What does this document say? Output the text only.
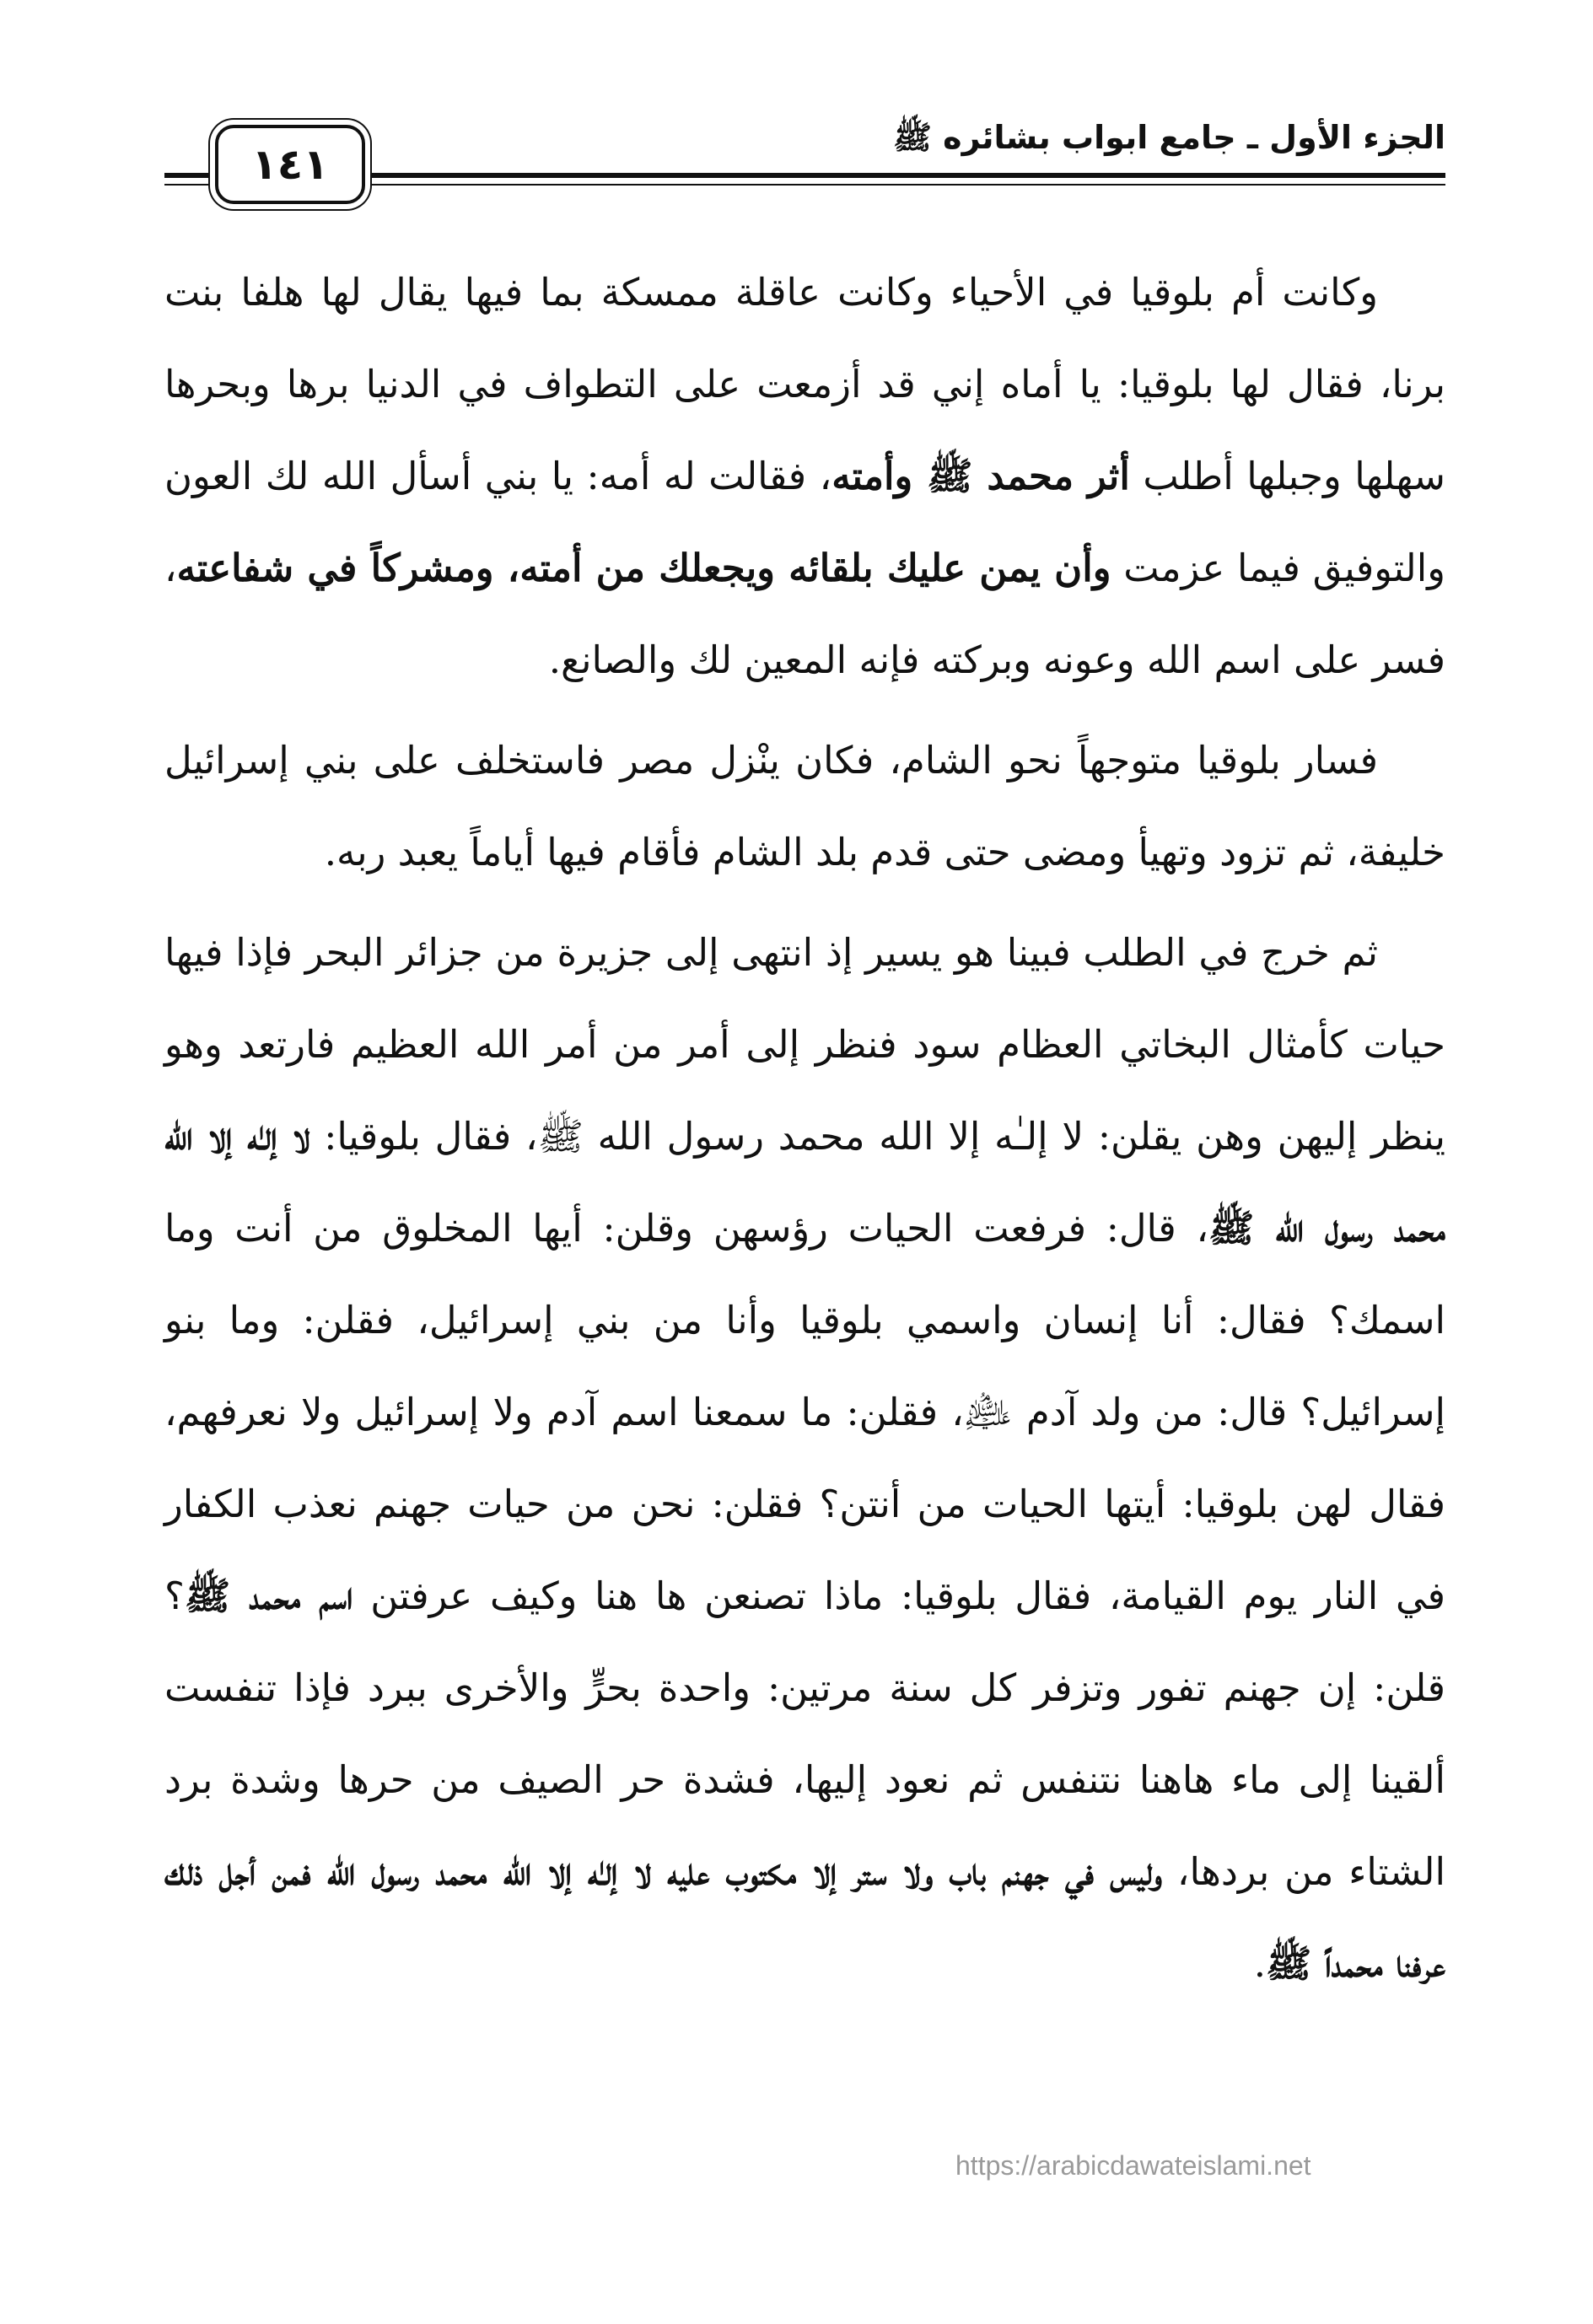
الجزء الأول ـ جامع ابواب بشائره ﷺ
١٤١

وكانت أم بلوقيا في الأحياء وكانت عاقلة ممسكة بما فيها يقال لها هلفا بنت برنا، فقال لها بلوقيا: يا أماه إني قد أزمعت على التطواف في الدنيا برها وبحرها سهلها وجبلها أطلب أثر محمد ﷺ وأمته، فقالت له أمه: يا بني أسأل الله لك العون والتوفيق فيما عزمت وأن يمن عليك بلقائه ويجعلك من أمته، ومشركاً في شفاعته، فسر على اسم الله وعونه وبركته فإنه المعين لك والصانع.

فسار بلوقيا متوجهاً نحو الشام، فكان ينْزل مصر فاستخلف على بني إسرائيل خليفة، ثم تزود وتهيأ ومضى حتى قدم بلد الشام فأقام فيها أياماً يعبد ربه.

ثم خرج في الطلب فبينا هو يسير إذ انتهى إلى جزيرة من جزائر البحر فإذا فيها حيات كأمثال البخاتي العظام سود فنظر إلى أمر من أمر الله العظيم فارتعد وهو ينظر إليهن وهن يقلن: لا إلـٰه إلا الله محمد رسول الله ﷺ، فقال بلوقيا: لا إلـٰه إلا الله محمد رسول الله ﷺ، قال: فرفعت الحيات رؤسهن وقلن: أيها المخلوق من أنت وما اسمك؟ فقال: أنا إنسان واسمي بلوقيا وأنا من بني إسرائيل، فقلن: وما بنو إسرائيل؟ قال: من ولد آدم ﵇، فقلن: ما سمعنا اسم آدم ولا إسرائيل ولا نعرفهم، فقال لهن بلوقيا: أيتها الحيات من أنتن؟ فقلن: نحن من حيات جهنم نعذب الكفار في النار يوم القيامة، فقال بلوقيا: ماذا تصنعن ها هنا وكيف عرفتن اسم محمد ﷺ؟ قلن: إن جهنم تفور وتزفر كل سنة مرتين: واحدة بحرٍّ والأخرى ببرد فإذا تنفست ألقينا إلى ماء هاهنا نتنفس ثم نعود إليها، فشدة حر الصيف من حرها وشدة برد الشتاء من بردها، وليس في جهنم باب ولا ستر إلا مكتوب عليه لا إلـٰه إلا الله محمد رسول الله فمن أجل ذلك عرفنا محمداً ﷺ.

https://arabicdawateislami.net
